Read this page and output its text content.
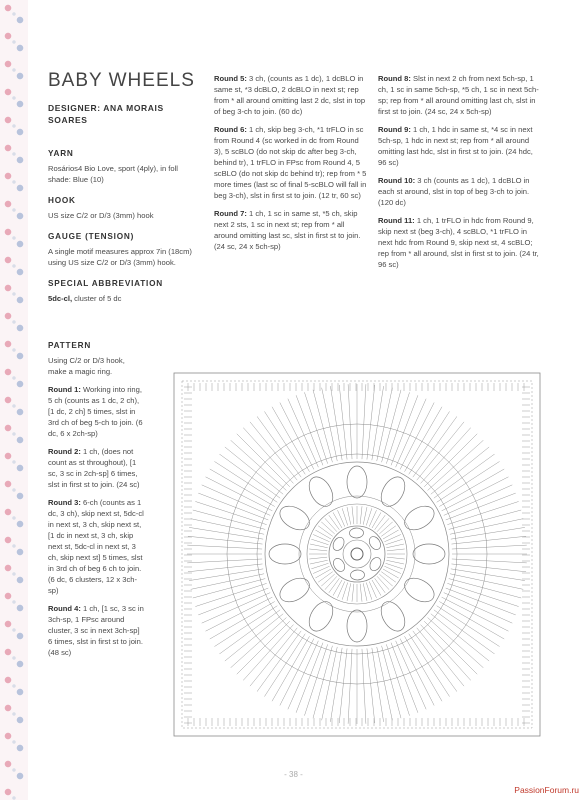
BABY WHEELS
DESIGNER: ANA MORAIS SOARES
YARN
Rosários4 Bio Love, sport (4ply), in foll shade: Blue (10)
HOOK
US size C/2 or D/3 (3mm) hook
GAUGE (TENSION)
A single motif measures approx 7in (18cm) using US size C/2 or D/3 (3mm) hook.
SPECIAL ABBREVIATION
5dc-cl, cluster of 5 dc
PATTERN
Using C/2 or D/3 hook, make a magic ring.
Round 1: Working into ring, 5 ch (counts as 1 dc, 2 ch), [1 dc, 2 ch] 5 times, slst in 3rd ch of beg 5-ch to join. (6 dc, 6 x 2ch-sp)
Round 2: 1 ch, (does not count as st throughout), [1 sc, 3 sc in 2ch-sp] 6 times, slst in first st to join. (24 sc)
Round 3: 6-ch (counts as 1 dc, 3 ch), skip next st, 5dc-cl in next st, 3 ch, skip next st, [1 dc in next st, 3 ch, skip next st, 5dc-cl in next st, 3 ch, skip next st] 5 times, slst in 3rd ch of beg 6 ch to join. (6 dc, 6 clusters, 12 x 3ch-sp)
Round 4: 1 ch, [1 sc, 3 sc in 3ch-sp, 1 FPsc around cluster, 3 sc in next 3ch-sp] 6 times, slst in first st to join. (48 sc)
Round 5: 3 ch, (counts as 1 dc), 1 dcBLO in same st, *3 dcBLO, 2 dcBLO in next st; rep from * all around omitting last 2 dc, slst in top of beg 3-ch to join. (60 dc)
Round 6: 1 ch, skip beg 3-ch, *1 trFLO in sc from Round 4 (sc worked in dc from Round 3), 5 scBLO (do not skip dc after beg 3-ch, behind tr), 1 trFLO in FPsc from Round 4, 5 scBLO (do not skip dc behind tr); rep from * 5 more times (last sc of final 5-scBLO will fall in beg 3-ch), slst in first st to join. (12 tr, 60 sc)
Round 7: 1 ch, 1 sc in same st, *5 ch, skip next 2 sts, 1 sc in next st; rep from * all around omitting last sc, slst in first st to join. (24 sc, 24 x 5ch-sp)
Round 8: Slst in next 2 ch from next 5ch-sp, 1 ch, 1 sc in same 5ch-sp, *5 ch, 1 sc in next 5ch-sp; rep from * all around omitting last ch, slst in first st to join. (24 sc, 24 x 5ch-sp)
Round 9: 1 ch, 1 hdc in same st, *4 sc in next 5ch-sp, 1 hdc in next st; rep from * all around omitting last hdc, slst in first st to join. (24 hdc, 96 sc)
Round 10: 3 ch (counts as 1 dc), 1 dcBLO in each st around, slst in top of beg 3-ch to join. (120 dc)
Round 11: 1 ch, 1 trFLO in hdc from Round 9, skip next st (beg 3-ch), 4 scBLO, *1 trFLO in next hdc from Round 9, skip next st, 4 scBLO; rep from * all around, slst in first st to join. (24 tr, 96 sc)
- 38 -
PassionForum.ru
